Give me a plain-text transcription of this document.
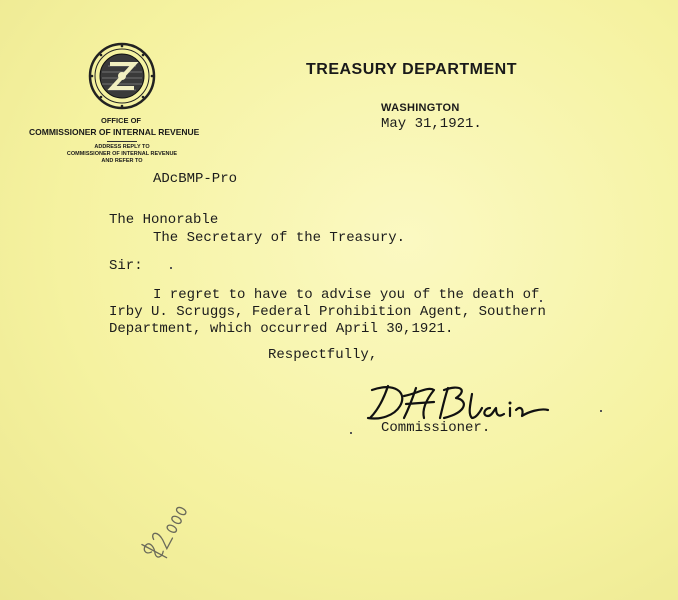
TREASURY DEPARTMENT
OFFICE OF
COMMISSIONER OF INTERNAL REVENUE
ADDRESS REPLY TO
COMMISSIONER OF INTERNAL REVENUE
AND REFER TO
ADcBMP-Pro
WASHINGTON
May 31,1921.
The Honorable
The Secretary of the Treasury.
Sir:
I regret to have to advise you of the death of
Irby U. Scruggs, Federal Prohibition Agent, Southern
Department, which occurred April 30,1921.
Respectfully,
Commissioner.
